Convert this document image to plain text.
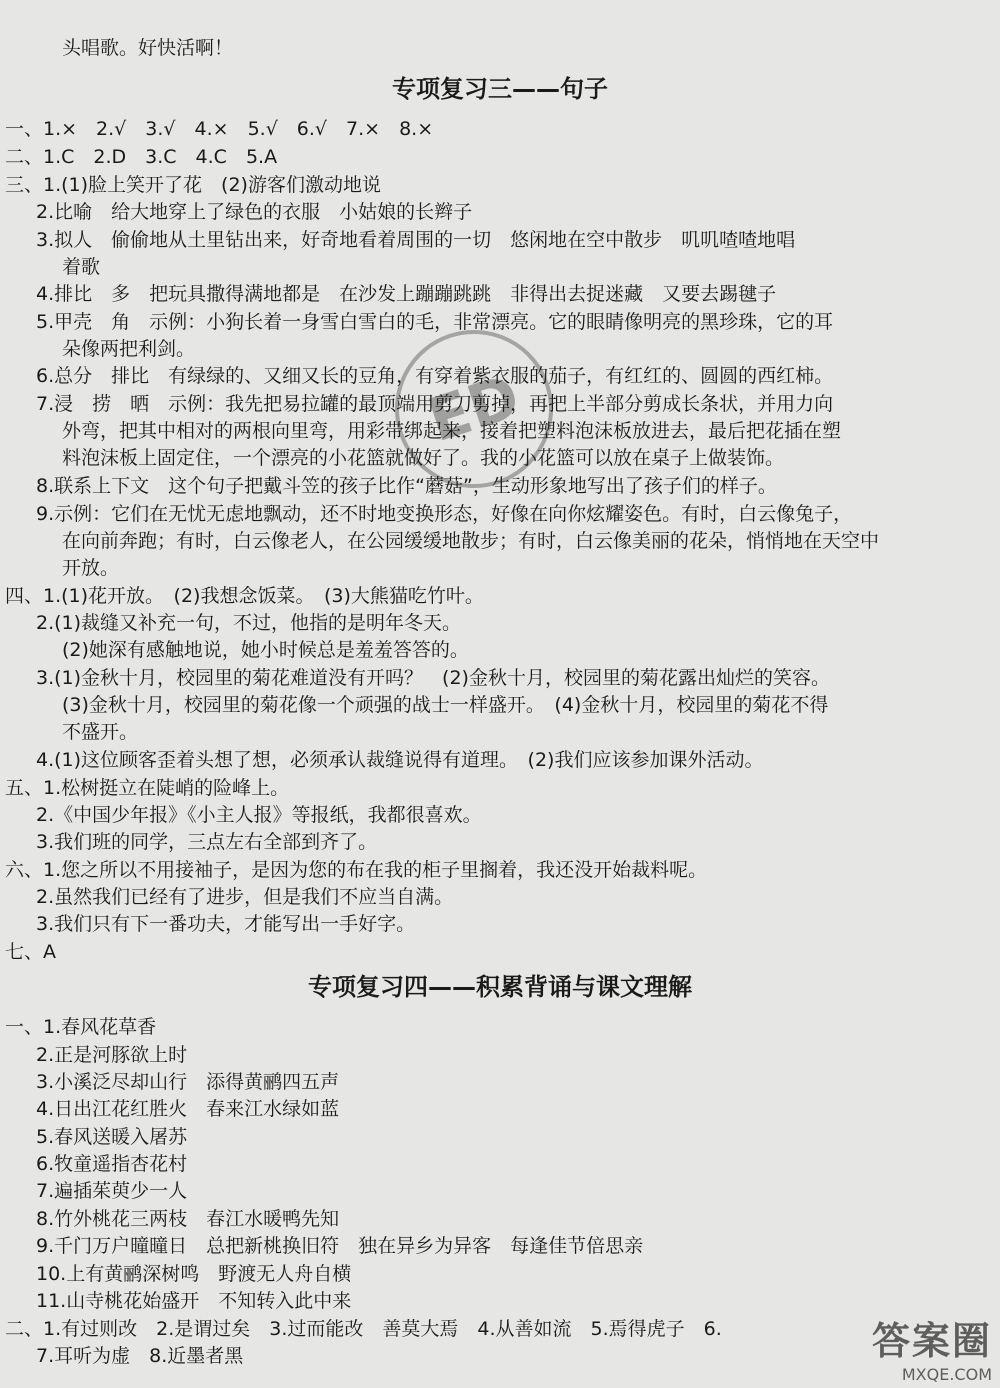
头唱歌。好快活啊！
专项复习三——句子
一、1.×　2.√　3.√　4.×　5.√　6.√　7.×　8.×
二、1.C　2.D　3.C　4.C　5.A
三、1.(1)脸上笑开了花　(2)游客们激动地说
2.比喻　给大地穿上了绿色的衣服　小姑娘的长辫子
3.拟人　偷偷地从土里钻出来，好奇地看着周围的一切　悠闲地在空中散步　叽叽喳喳地唱
着歌
4.排比　多　把玩具撒得满地都是　在沙发上蹦蹦跳跳　非得出去捉迷藏　又要去踢毽子
5.甲壳　角　示例：小狗长着一身雪白雪白的毛，非常漂亮。它的眼睛像明亮的黑珍珠，它的耳
朵像两把利剑。
6.总分　排比　有绿绿的、又细又长的豆角，有穿着紫衣服的茄子，有红红的、圆圆的西红柿。
7.浸　捞　晒　示例：我先把易拉罐的最顶端用剪刀剪掉，再把上半部分剪成长条状，并用力向
外弯，把其中相对的两根向里弯，用彩带绑起来，接着把塑料泡沫板放进去，最后把花插在塑
料泡沫板上固定住，一个漂亮的小花篮就做好了。我的小花篮可以放在桌子上做装饰。
8.联系上下文　这个句子把戴斗笠的孩子比作“蘑菇”，生动形象地写出了孩子们的样子。
9.示例：它们在无忧无虑地飘动，还不时地变换形态，好像在向你炫耀姿色。有时，白云像兔子，
在向前奔跑；有时，白云像老人，在公园缓缓地散步；有时，白云像美丽的花朵，悄悄地在天空中
开放。
四、1.(1)花开放。　(2)我想念饭菜。　(3)大熊猫吃竹叶。
2.(1)裁缝又补充一句，不过，他指的是明年冬天。
(2)她深有感触地说，她小时候总是羞羞答答的。
3.(1)金秋十月，校园里的菊花难道没有开吗？　(2)金秋十月，校园里的菊花露出灿烂的笑容。
(3)金秋十月，校园里的菊花像一个顽强的战士一样盛开。　(4)金秋十月，校园里的菊花不得
不盛开。
4.(1)这位顾客歪着头想了想，必须承认裁缝说得有道理。　(2)我们应该参加课外活动。
五、1.松树挺立在陡峭的险峰上。
2.《中国少年报》《小主人报》等报纸，我都很喜欢。
3.我们班的同学，三点左右全部到齐了。
六、1.您之所以不用接袖子，是因为您的布在我的柜子里搁着，我还没开始裁料呢。
2.虽然我们已经有了进步，但是我们不应当自满。
3.我们只有下一番功夫，才能写出一手好字。
七、A
专项复习四——积累背诵与课文理解
一、1.春风花草香
2.正是河豚欲上时
3.小溪泛尽却山行　添得黄鹂四五声
4.日出江花红胜火　春来江水绿如蓝
5.春风送暖入屠苏
6.牧童遥指杏花村
7.遍插茱萸少一人
8.竹外桃花三两枝　春江水暖鸭先知
9.千门万户曈曈日　总把新桃换旧符　独在异乡为异客　每逢佳节倍思亲
10.上有黄鹂深树鸣　野渡无人舟自横
11.山寺桃花始盛开　不知转入此中来
二、1.有过则改　2.是谓过矣　3.过而能改　善莫大焉　4.从善如流　5.焉得虎子　6.
7.耳听为虚　8.近墨者黑
ED
答案圈
MXQE.COM
